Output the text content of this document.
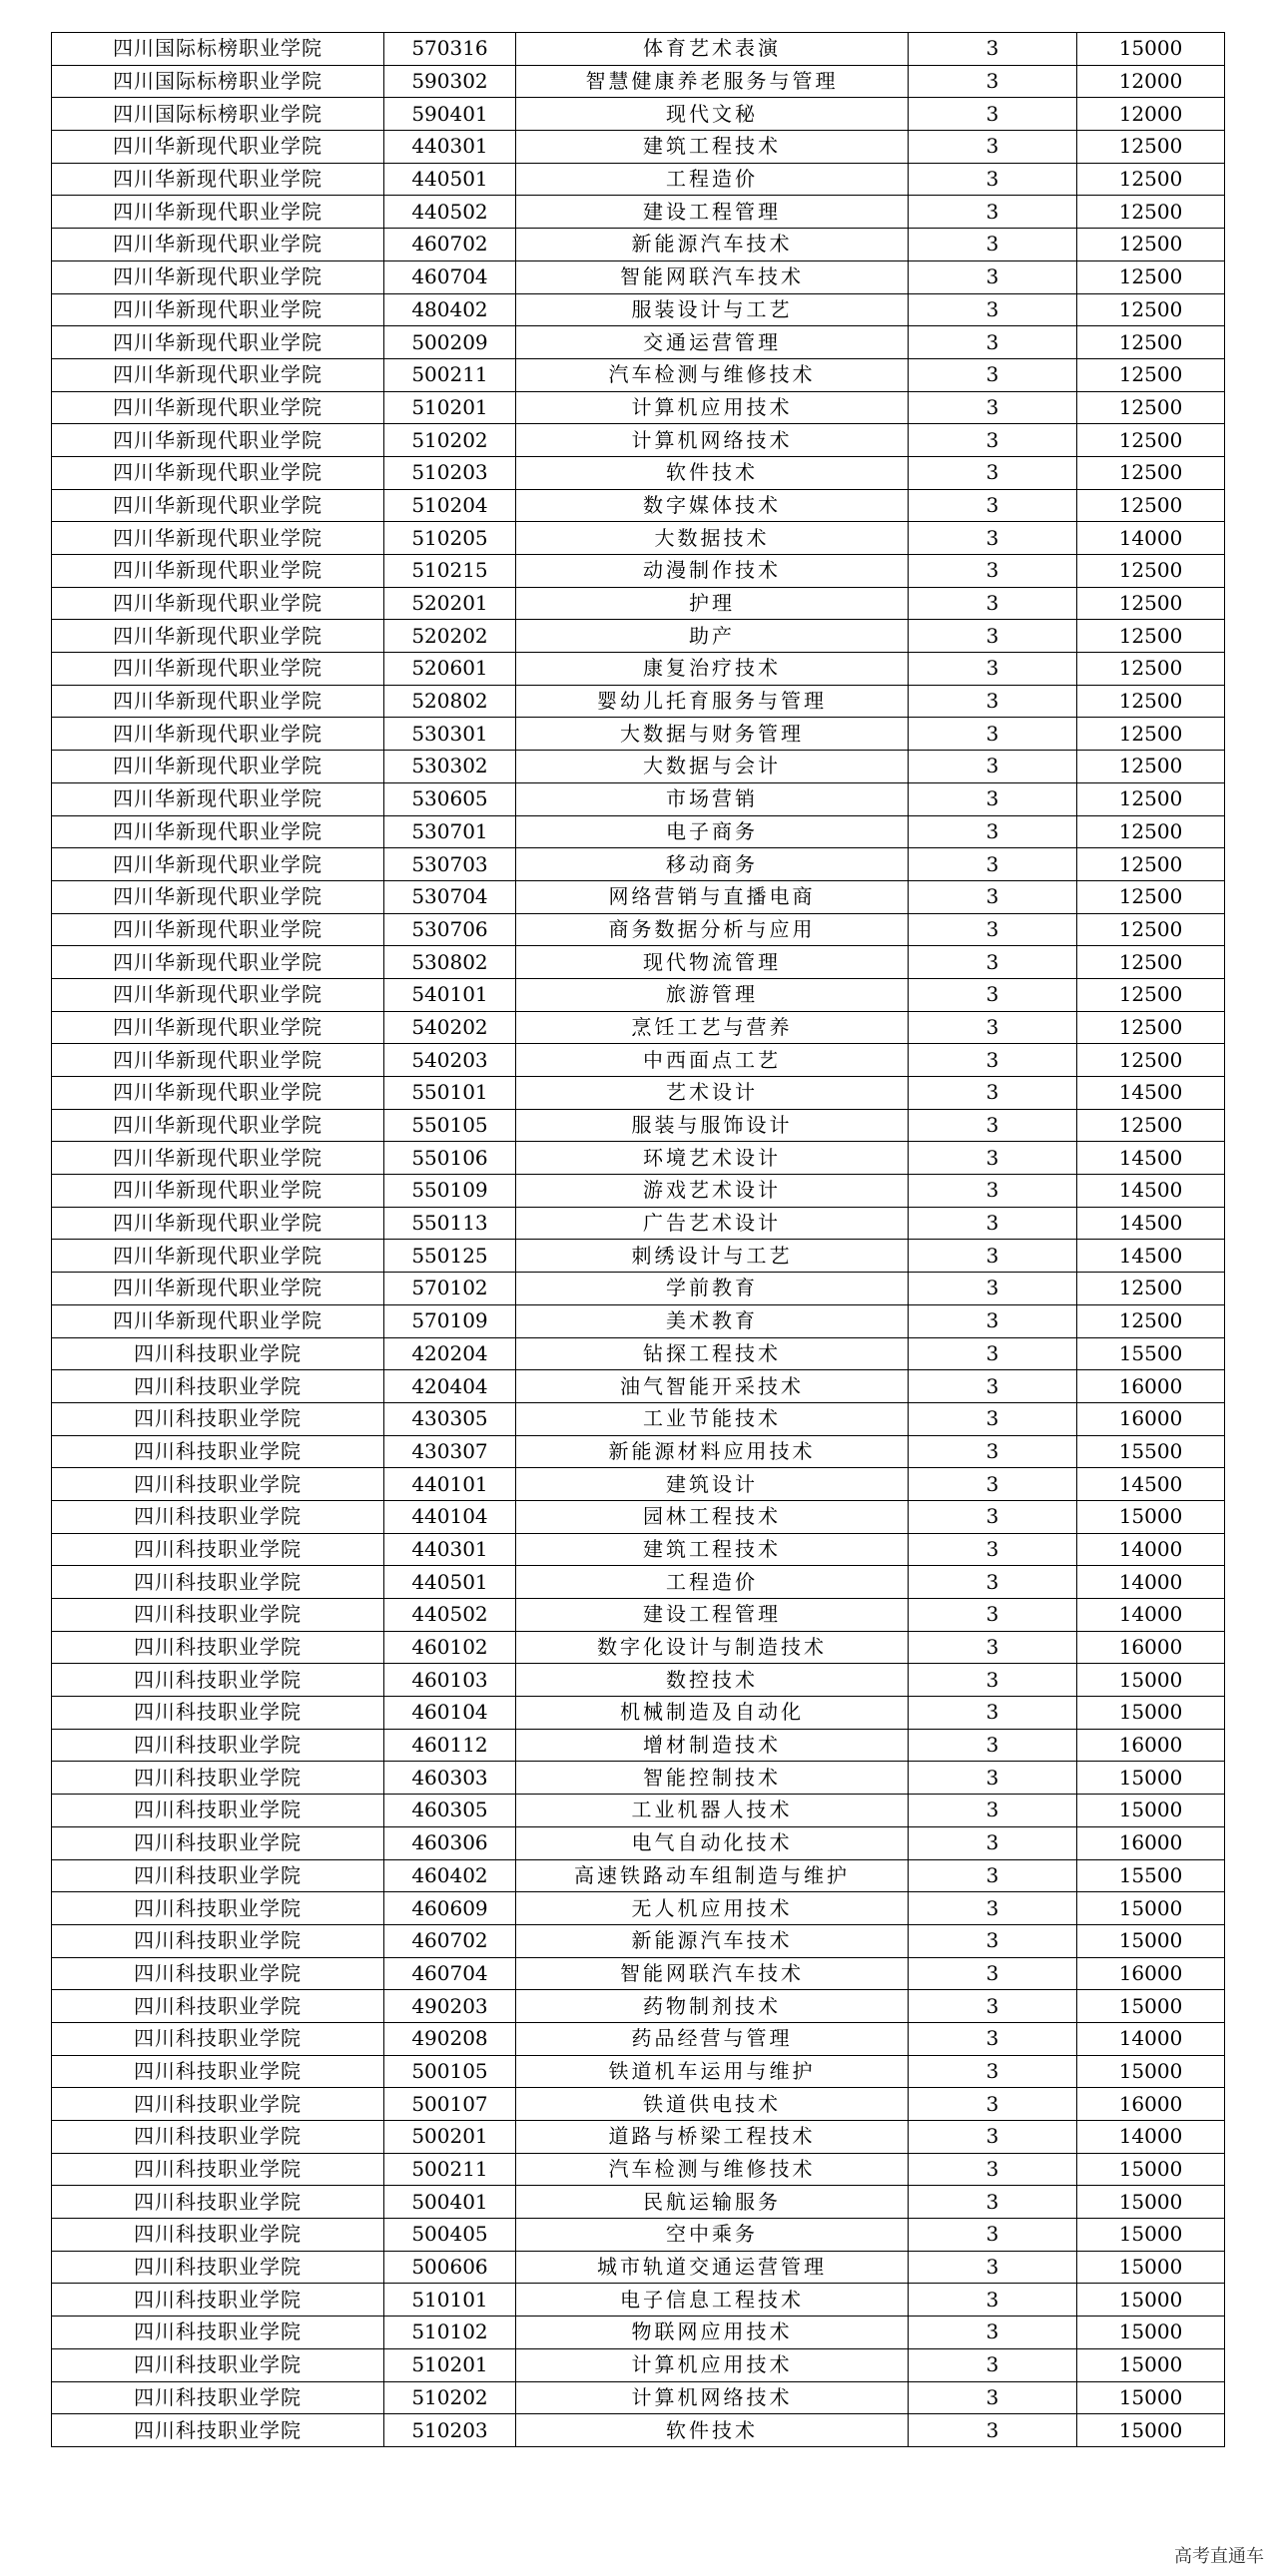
四川国际标榜职业学院	570316	体育艺术表演	3	15000
四川国际标榜职业学院	590302	智慧健康养老服务与管理	3	12000
四川国际标榜职业学院	590401	现代文秘	3	12000
四川华新现代职业学院	440301	建筑工程技术	3	12500
四川华新现代职业学院	440501	工程造价	3	12500
四川华新现代职业学院	440502	建设工程管理	3	12500
四川华新现代职业学院	460702	新能源汽车技术	3	12500
四川华新现代职业学院	460704	智能网联汽车技术	3	12500
四川华新现代职业学院	480402	服装设计与工艺	3	12500
四川华新现代职业学院	500209	交通运营管理	3	12500
四川华新现代职业学院	500211	汽车检测与维修技术	3	12500
四川华新现代职业学院	510201	计算机应用技术	3	12500
四川华新现代职业学院	510202	计算机网络技术	3	12500
四川华新现代职业学院	510203	软件技术	3	12500
四川华新现代职业学院	510204	数字媒体技术	3	12500
四川华新现代职业学院	510205	大数据技术	3	14000
四川华新现代职业学院	510215	动漫制作技术	3	12500
四川华新现代职业学院	520201	护理	3	12500
四川华新现代职业学院	520202	助产	3	12500
四川华新现代职业学院	520601	康复治疗技术	3	12500
四川华新现代职业学院	520802	婴幼儿托育服务与管理	3	12500
四川华新现代职业学院	530301	大数据与财务管理	3	12500
四川华新现代职业学院	530302	大数据与会计	3	12500
四川华新现代职业学院	530605	市场营销	3	12500
四川华新现代职业学院	530701	电子商务	3	12500
四川华新现代职业学院	530703	移动商务	3	12500
四川华新现代职业学院	530704	网络营销与直播电商	3	12500
四川华新现代职业学院	530706	商务数据分析与应用	3	12500
四川华新现代职业学院	530802	现代物流管理	3	12500
四川华新现代职业学院	540101	旅游管理	3	12500
四川华新现代职业学院	540202	烹饪工艺与营养	3	12500
四川华新现代职业学院	540203	中西面点工艺	3	12500
四川华新现代职业学院	550101	艺术设计	3	14500
四川华新现代职业学院	550105	服装与服饰设计	3	12500
四川华新现代职业学院	550106	环境艺术设计	3	14500
四川华新现代职业学院	550109	游戏艺术设计	3	14500
四川华新现代职业学院	550113	广告艺术设计	3	14500
四川华新现代职业学院	550125	刺绣设计与工艺	3	14500
四川华新现代职业学院	570102	学前教育	3	12500
四川华新现代职业学院	570109	美术教育	3	12500
四川科技职业学院	420204	钻探工程技术	3	15500
四川科技职业学院	420404	油气智能开采技术	3	16000
四川科技职业学院	430305	工业节能技术	3	16000
四川科技职业学院	430307	新能源材料应用技术	3	15500
四川科技职业学院	440101	建筑设计	3	14500
四川科技职业学院	440104	园林工程技术	3	15000
四川科技职业学院	440301	建筑工程技术	3	14000
四川科技职业学院	440501	工程造价	3	14000
四川科技职业学院	440502	建设工程管理	3	14000
四川科技职业学院	460102	数字化设计与制造技术	3	16000
四川科技职业学院	460103	数控技术	3	15000
四川科技职业学院	460104	机械制造及自动化	3	15000
四川科技职业学院	460112	增材制造技术	3	16000
四川科技职业学院	460303	智能控制技术	3	15000
四川科技职业学院	460305	工业机器人技术	3	15000
四川科技职业学院	460306	电气自动化技术	3	16000
四川科技职业学院	460402	高速铁路动车组制造与维护	3	15500
四川科技职业学院	460609	无人机应用技术	3	15000
四川科技职业学院	460702	新能源汽车技术	3	15000
四川科技职业学院	460704	智能网联汽车技术	3	16000
四川科技职业学院	490203	药物制剂技术	3	15000
四川科技职业学院	490208	药品经营与管理	3	14000
四川科技职业学院	500105	铁道机车运用与维护	3	15000
四川科技职业学院	500107	铁道供电技术	3	16000
四川科技职业学院	500201	道路与桥梁工程技术	3	14000
四川科技职业学院	500211	汽车检测与维修技术	3	15000
四川科技职业学院	500401	民航运输服务	3	15000
四川科技职业学院	500405	空中乘务	3	15000
四川科技职业学院	500606	城市轨道交通运营管理	3	15000
四川科技职业学院	510101	电子信息工程技术	3	15000
四川科技职业学院	510102	物联网应用技术	3	15000
四川科技职业学院	510201	计算机应用技术	3	15000
四川科技职业学院	510202	计算机网络技术	3	15000
四川科技职业学院	510203	软件技术	3	15000
高考直通车
